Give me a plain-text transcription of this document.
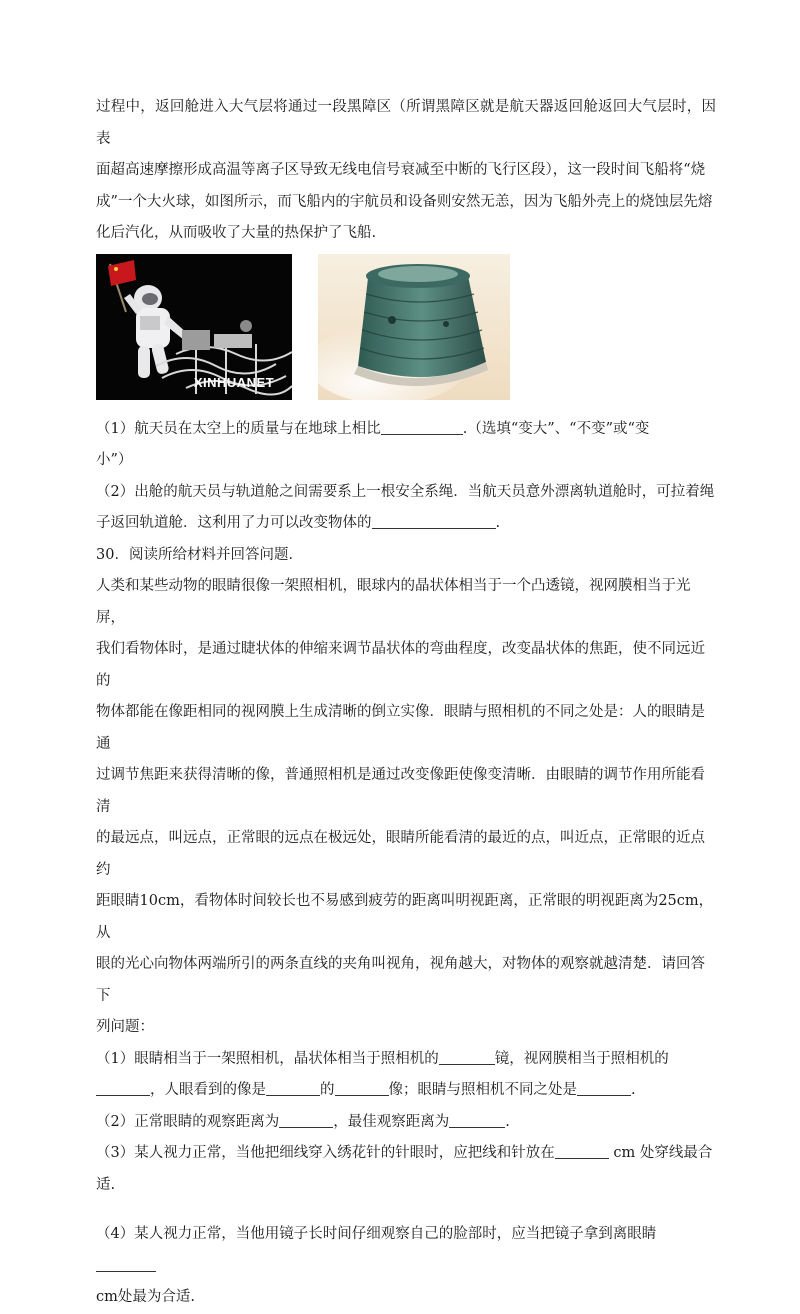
过程中，返回舱进入大气层将通过一段黑障区（所谓黑障区就是航天器返回舱返回大气层时，因表

面超高速摩擦形成高温等离子区导致无线电信号衰减至中断的飞行区段），这一段时间飞船将“烧

成”一个大火球，如图所示，而飞船内的宇航员和设备则安然无恙，因为飞船外壳上的烧蚀层先熔

化后汽化，从而吸收了大量的热保护了飞船.

XINHUANET

（1）航天员在太空上的质量与在地球上相比	.（选填“变大”、“不变”或“变

小”）

（2）出舱的航天员与轨道舱之间需要系上一根安全系绳．当航天员意外漂离轨道舱时，可拉着绳

子返回轨道舱．这利用了力可以改变物体的	.

30．阅读所给材料并回答问题．

人类和某些动物的眼睛很像一架照相机，眼球内的晶状体相当于一个凸透镜，视网膜相当于光屏，

我们看物体时，是通过睫状体的伸缩来调节晶状体的弯曲程度，改变晶状体的焦距，使不同远近的

物体都能在像距相同的视网膜上生成清晰的倒立实像．眼睛与照相机的不同之处是：人的眼睛是通

过调节焦距来获得清晰的像，普通照相机是通过改变像距使像变清晰．由眼睛的调节作用所能看清

的最远点，叫远点，正常眼的远点在极远处，眼睛所能看清的最近的点，叫近点，正常眼的近点约

距眼睛10cm，看物体时间较长也不易感到疲劳的距离叫明视距离，正常眼的明视距离为25cm，从

眼的光心向物体两端所引的两条直线的夹角叫视角，视角越大，对物体的观察就越清楚．请回答下

列问题：

（1）眼睛相当于一架照相机，晶状体相当于照相机的	镜，视网膜相当于照相机的

，人眼看到的像是	的	像；眼睛与照相机不同之处是	.

（2）正常眼睛的观察距离为	，最佳观察距离为	.

（3）某人视力正常，当他把细线穿入绣花针的针眼时，应把线和针放在	cm 处穿线最合适.

（4）某人视力正常，当他用镜子长时间仔细观察自己的脸部时，应当把镜子拿到离眼睛

cm处最为合适.
